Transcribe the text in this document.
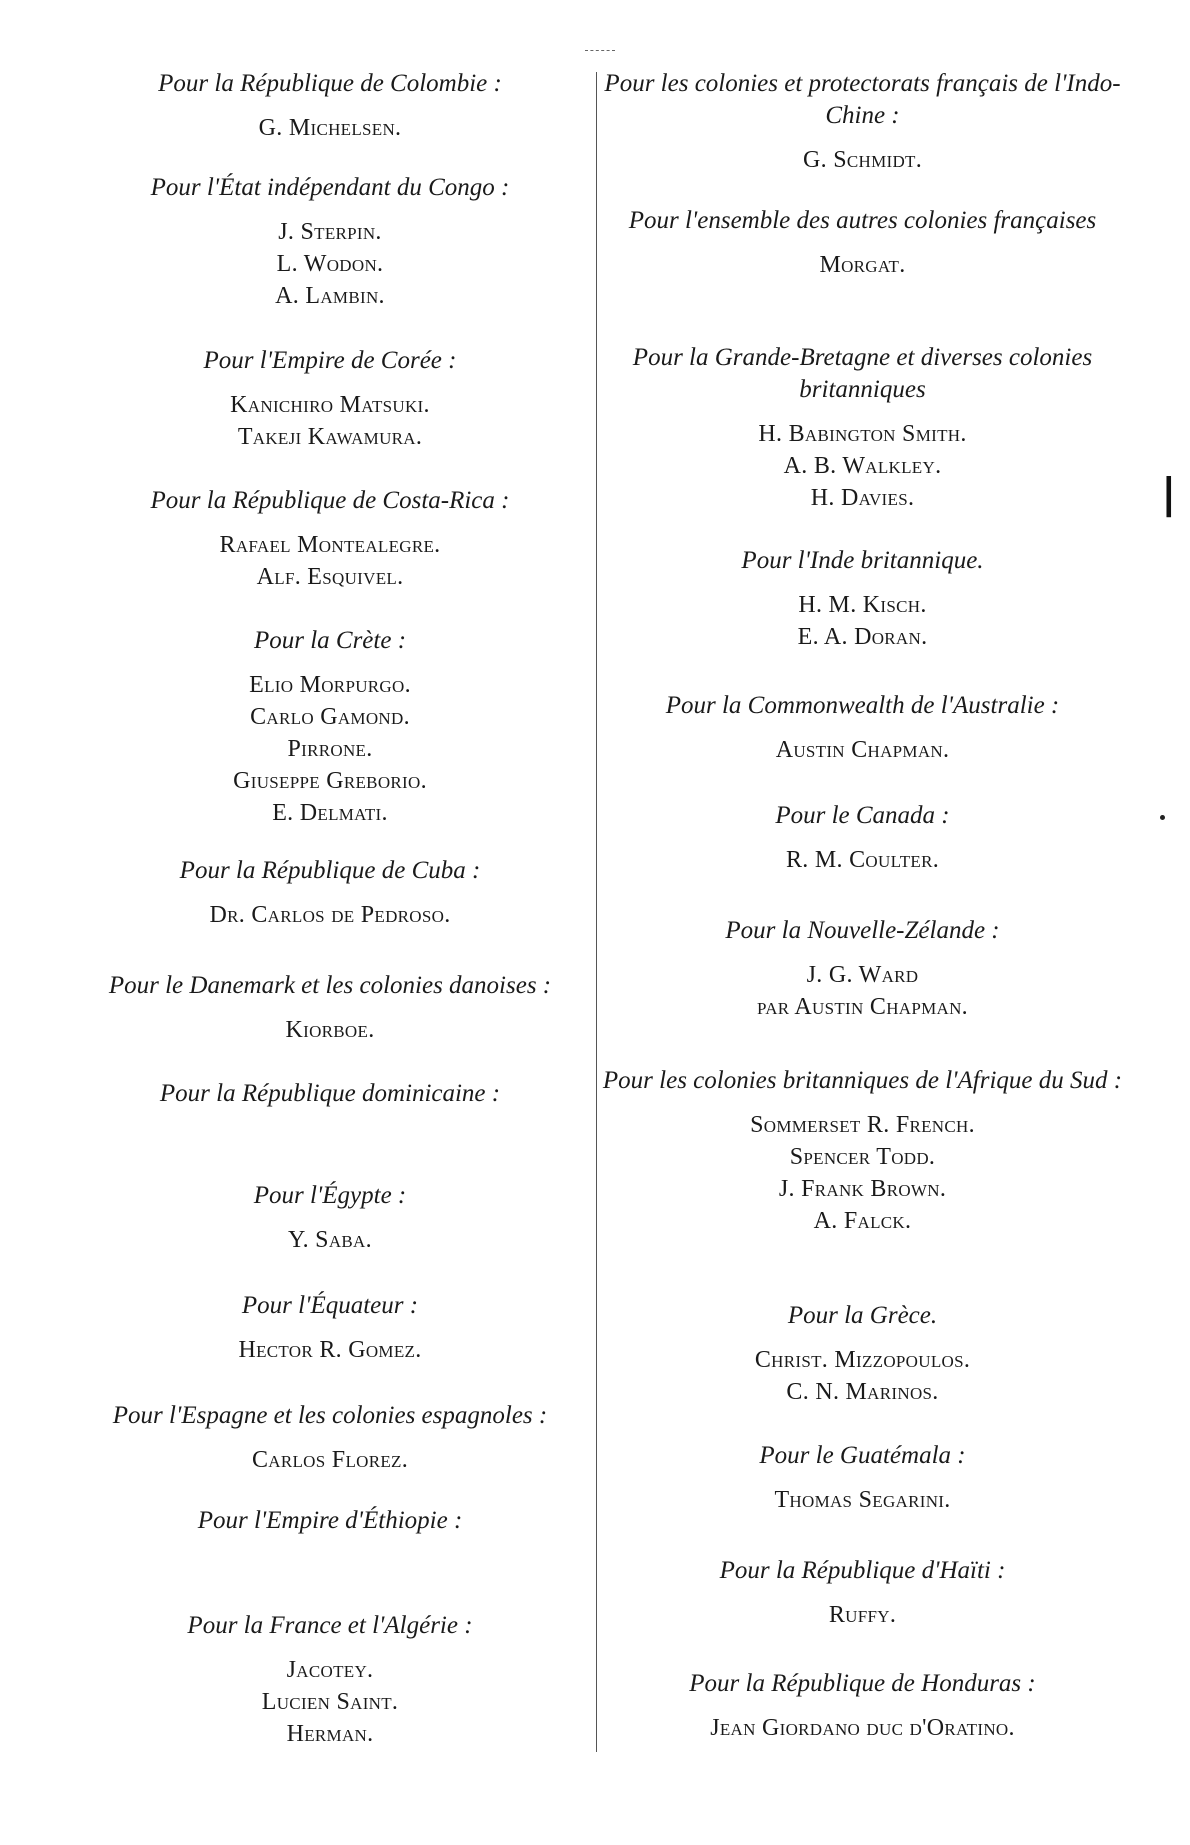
Pour la République de Colombie :

G. Michelsen.

Pour l'État indépendant du Congo :

J. Sterpin.
L. Wodon.
A. Lambin.

Pour l'Empire de Corée :

Kanichiro Matsuki.
Takeji Kawamura.

Pour la République de Costa-Rica :

Rafael Montealegre.
Alf. Esquivel.

Pour la Crète :

Elio Morpurgo.
Carlo Gamond.
Pirrone.
Giuseppe Greborio.
E. Delmati.

Pour la République de Cuba :

Dr. Carlos de Pedroso.

Pour le Danemark et les colonies danoises :

Kiorboe.

Pour la République dominicaine :

Pour l'Égypte :

Y. Saba.

Pour l'Équateur :

Hector R. Gomez.

Pour l'Espagne et les colonies espagnoles :

Carlos Florez.

Pour l'Empire d'Éthiopie :

Pour la France et l'Algérie :

Jacotey.
Lucien Saint.
Herman.

Pour les colonies et protectorats français de l'Indo-Chine :

G. Schmidt.

Pour l'ensemble des autres colonies françaises

Morgat.

Pour la Grande-Bretagne et diverses colonies britanniques

H. Babington Smith.
A. B. Walkley.
H. Davies.

Pour l'Inde britannique.

H. M. Kisch.
E. A. Doran.

Pour la Commonwealth de l'Australie :

Austin Chapman.

Pour le Canada :

R. M. Coulter.

Pour la Nouvelle-Zélande :

J. G. Ward
par Austin Chapman.

Pour les colonies britanniques de l'Afrique du Sud :

Sommerset R. French.
Spencer Todd.
J. Frank Brown.
A. Falck.

Pour la Grèce.

Christ. Mizzopoulos.
C. N. Marinos.

Pour le Guatémala :

Thomas Segarini.

Pour la République d'Haïti :

Ruffy.

Pour la République de Honduras :

Jean Giordano duc d'Oratino.
❘
